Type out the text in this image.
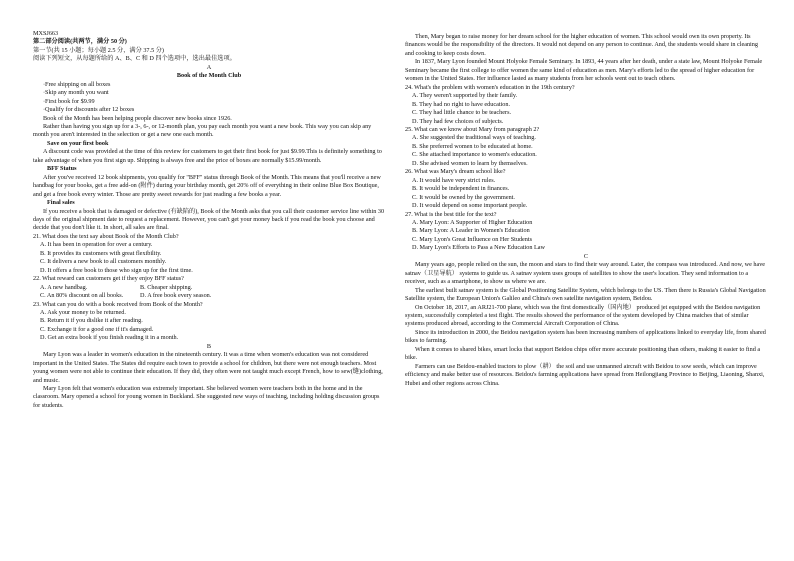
MXSJ663

第二部分阅读(共两节，满分 50 分)

第一节(共 15 小题；每小题 2.5 分，满分 37.5 分)

阅读下列短文，从每题所给的 A、B、C 和 D 四个选项中，选出最佳选项。

A

Book of the Month Club

·Free shipping on all boxes

·Skip any month you want

·First book for $9.99

·Qualify for discounts after 12 boxes

Book of the Month has been helping people discover new books since 1926.

Rather than having you sign up for a 3-, 6-, or 12-month plan, you pay each month you want a new book. This way you can skip any month you aren't interested in the selection or get a new one each month.

Save on your first book

A discount code was provided at the time of this review for customers to get their first book for just $9.99.This is definitely something to take advantage of when you first sign up. Shipping is always free and the price of boxes are normally $15.99/month.

BFF Status

After you've received 12 book shipments, you qualify for "BFF" status through Book of the Month. This means that you'll receive a new handbag for your books, get a free add-on (附件) during your birthday month, get 20% off of everything in their online Blue Box Boutique, and get a free book every winter. Those are pretty sweet rewards for just reading a few books a year.

Final sales

If you receive a book that is damaged or defective (有缺陷的), Book of the Month asks that you call their customer service line within 30 days of the original shipment date to request a replacement. However, you can't get your money back if you read the book you choose and decide that you don't like it. In short, all sales are final.

21. What does the text say about Book of the Month Club?

A. It has been in operation for over a century.

B. It provides its customers with great flexibility.

C. It delivers a new book to all customers monthly.

D. It offers a free book to those who sign up for the first time.

22. What reward can customers get if they enjoy BFF status?

A. A new handbag.	B. Cheaper shipping.
C. An 80% discount on all books.	D. A free book every season.

23. What can you do with a book received from Book of the Month?

A. Ask your money to be returned.

B. Return it if you dislike it after reading.

C. Exchange it for a good one if it's damaged.

D. Get an extra book if you finish reading it in a month.

B

Mary Lyon was a leader in women's education in the nineteenth century. It was a time when women's education was not considered important in the United States. The States did require each town to provide a school for children, but there were not enough teachers. Most young women were not able to continue their education. If they did, they often were not taught much except French, how to sew(缝)clothing, and music.

Mary Lyon felt that women's education was extremely important. She believed women were teachers both in the home and in the classroom. Mary opened a school for young women in Buckland. She suggested new ways of teaching, including holding discussion groups for students.

Then, Mary began to raise money for her dream school for the higher education of women. This school would own its own property. Its finances would be the responsibility of the directors. It would not depend on any person to continue. And, the students would share in cleaning and cooking to keep costs down.

In 1837, Mary Lyon founded Mount Holyoke Female Seminary. In 1893, 44 years after her death, under a state law, Mount Holyoke Female Seminary became the first college to offer women the same kind of education as men. Mary's efforts led to the spread of higher education for women in the United States. Her influence lasted as many students from her schools went out to teach others.

24. What's the problem with women's education in the 19th century?

A. They weren't supported by their family.

B. They had no right to have education.

C. They had little chance to be teachers.

D. They had few choices of subjects.

25. What can we know about Mary from paragraph 2?

A. She suggested the traditional ways of teaching.

B. She preferred women to be educated at home.

C. She attached importance to women's education.

D. She advised women to learn by themselves.

26. What was Mary's dream school like?

A. It would have very strict rules.

B. It would be independent in finances.

C. It would be owned by the government.

D. It would depend on some important people.

27. What is the best title for the text?

A. Mary Lyon: A Supporter of Higher Education

B. Mary Lyon: A Leader in Women's Education

C. Mary Lyon's Great Influence on Her Students

D. Mary Lyon's Efforts to Pass a New Education Law

C

Many years ago, people relied on the sun, the moon and stars to find their way around. Later, the compass was introduced. And now, we have satnav（卫星导航） systems to guide us. A satnav system uses groups of satellites to show the user's location. They send information to a receiver, such as a smartphone, to show us where we are.

The earliest built satnav system is the Global Positioning Satellite System, which belongs to the US. Then there is Russia's Global Navigation Satellite system, the European Union's Galileo and China's own satellite navigation system, Beidou.

On October 18, 2017, an ARJ21-700 plane, which was the first domestically（国内地） produced jet equipped with the Beidou navigation system, successfully completed a test flight. The results showed the performance of the system developed by China matches that of similar systems produced abroad, according to the Commercial Aircraft Corporation of China.

Since its introduction in 2000, the Beidou navigation system has been increasing numbers of applications linked to everyday life, from shared bikes to farming.

When it comes to shared bikes, smart locks that support Beidou chips offer more accurate positioning than others, making it easier to find a bike.

Farmers can use Beidou-enabled tractors to plow（耕） the soil and use unmanned aircraft with Beidou to sow seeds, which can improve efficiency and make better use of resources. Beidou's farming applications have spread from Heilongjiang Province to Beijing, Liaoning, Shanxi, Hubei and other regions across China.
